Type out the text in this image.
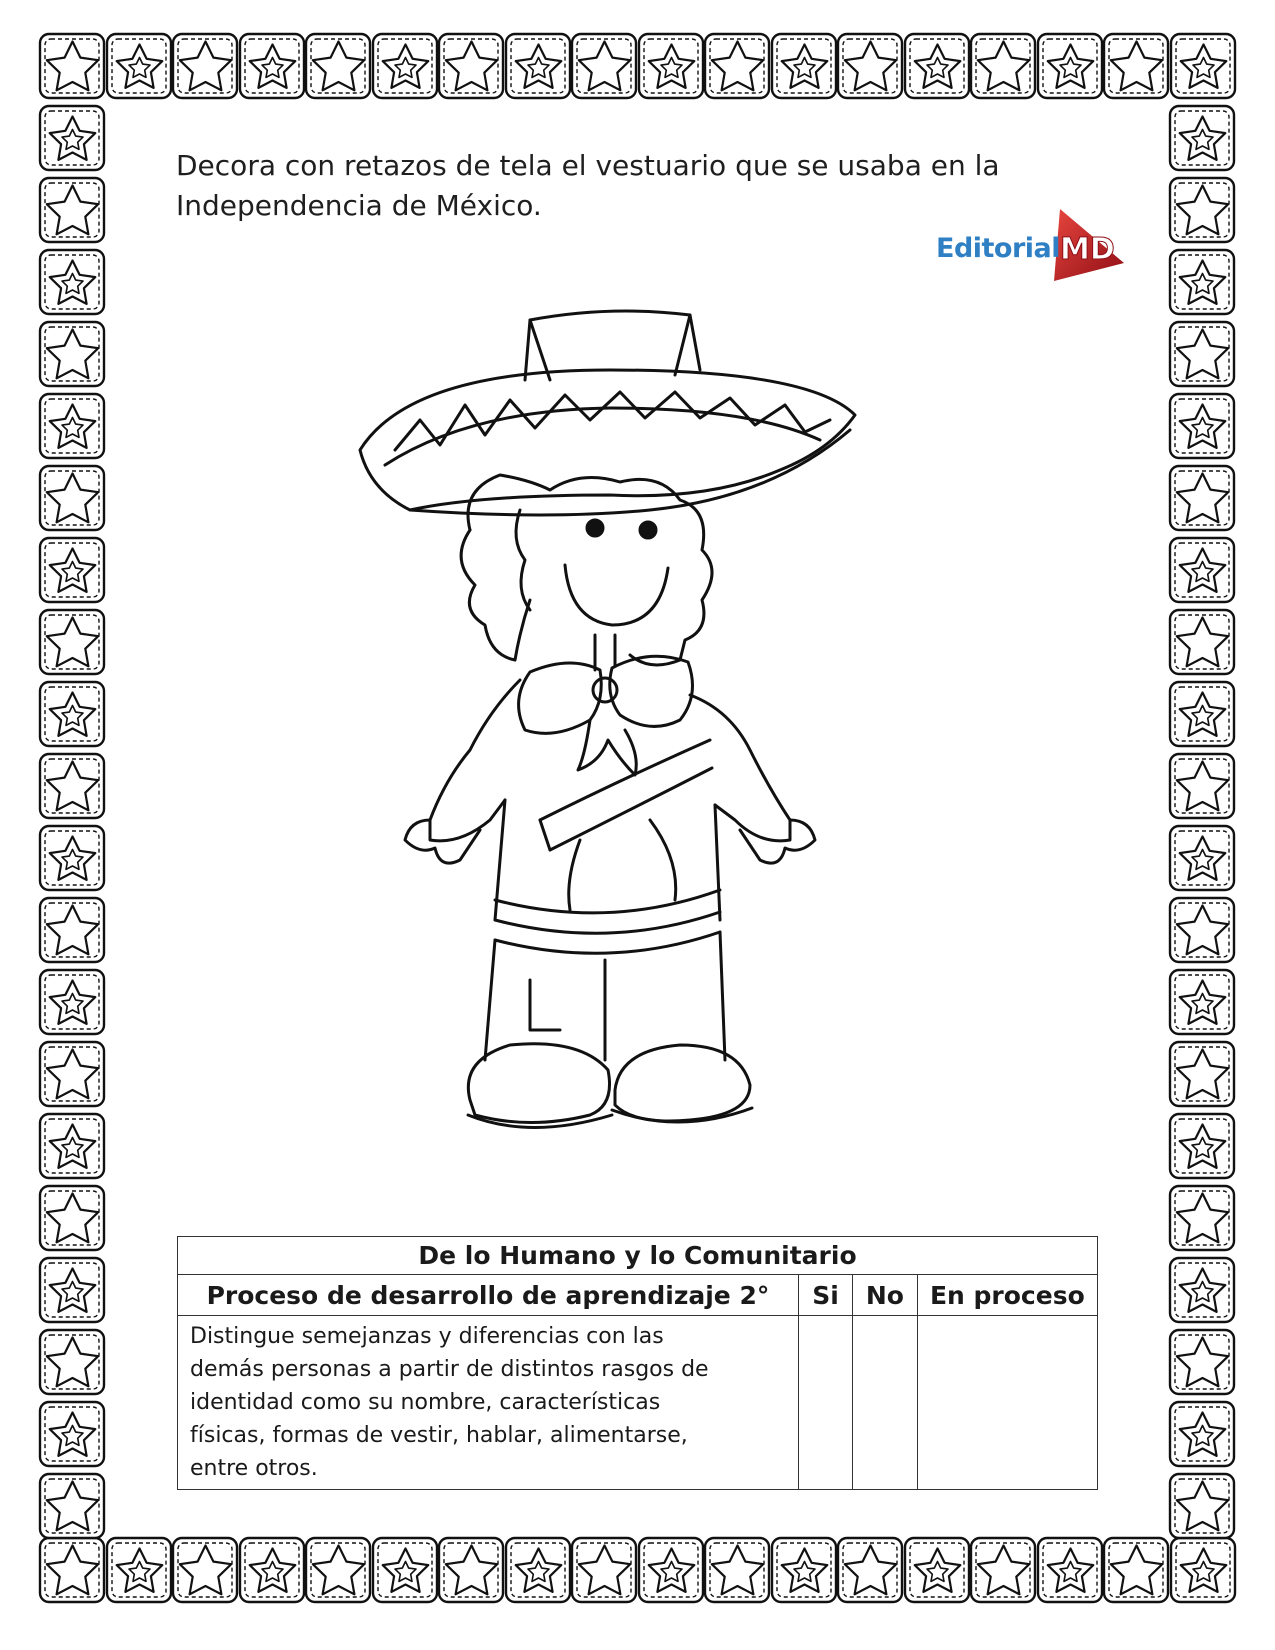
Decora con retazos de tela el vestuario que se usaba en la
Independencia de México.
MD
Editorial
De lo Humano y lo Comunitario			
Proceso de desarrollo de aprendizaje 2°	Si	No	En proceso

Distingue semejanzas y diferencias con las
demás personas a partir de distintos rasgos de
identidad como su nombre, características
físicas, formas de vestir, hablar, alimentarse,
entre otros.			
